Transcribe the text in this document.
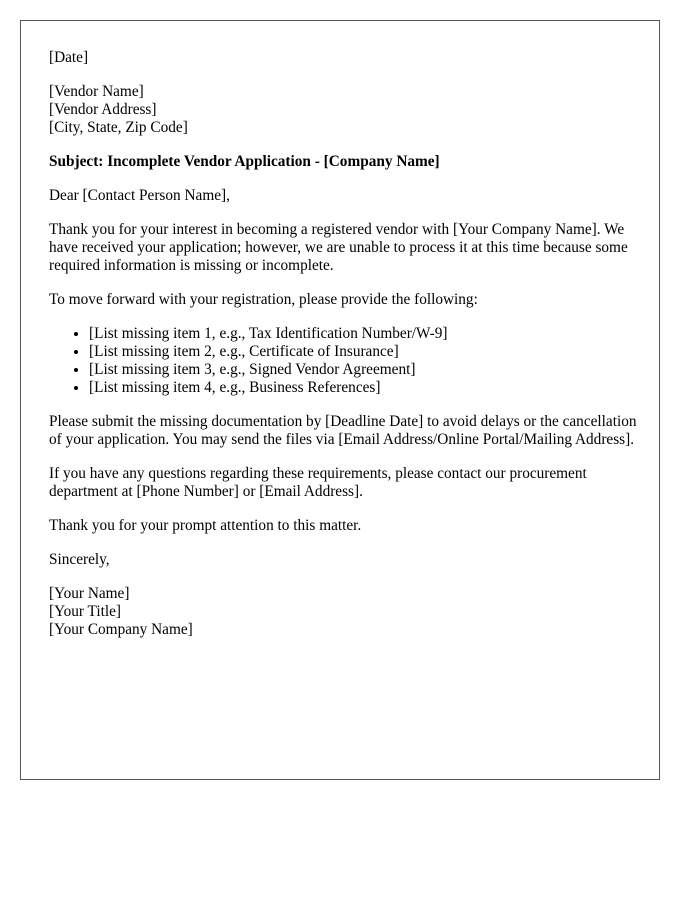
[Date]

[Vendor Name]
[Vendor Address]
[City, State, Zip Code]

Subject: Incomplete Vendor Application - [Company Name]

Dear [Contact Person Name],

Thank you for your interest in becoming a registered vendor with [Your Company Name]. We have received your application; however, we are unable to process it at this time because some required information is missing or incomplete.

To move forward with your registration, please provide the following:

• [List missing item 1, e.g., Tax Identification Number/W-9]
• [List missing item 2, e.g., Certificate of Insurance]
• [List missing item 3, e.g., Signed Vendor Agreement]
• [List missing item 4, e.g., Business References]

Please submit the missing documentation by [Deadline Date] to avoid delays or the cancellation of your application. You may send the files via [Email Address/Online Portal/Mailing Address].

If you have any questions regarding these requirements, please contact our procurement department at [Phone Number] or [Email Address].

Thank you for your prompt attention to this matter.

Sincerely,

[Your Name]
[Your Title]
[Your Company Name]
